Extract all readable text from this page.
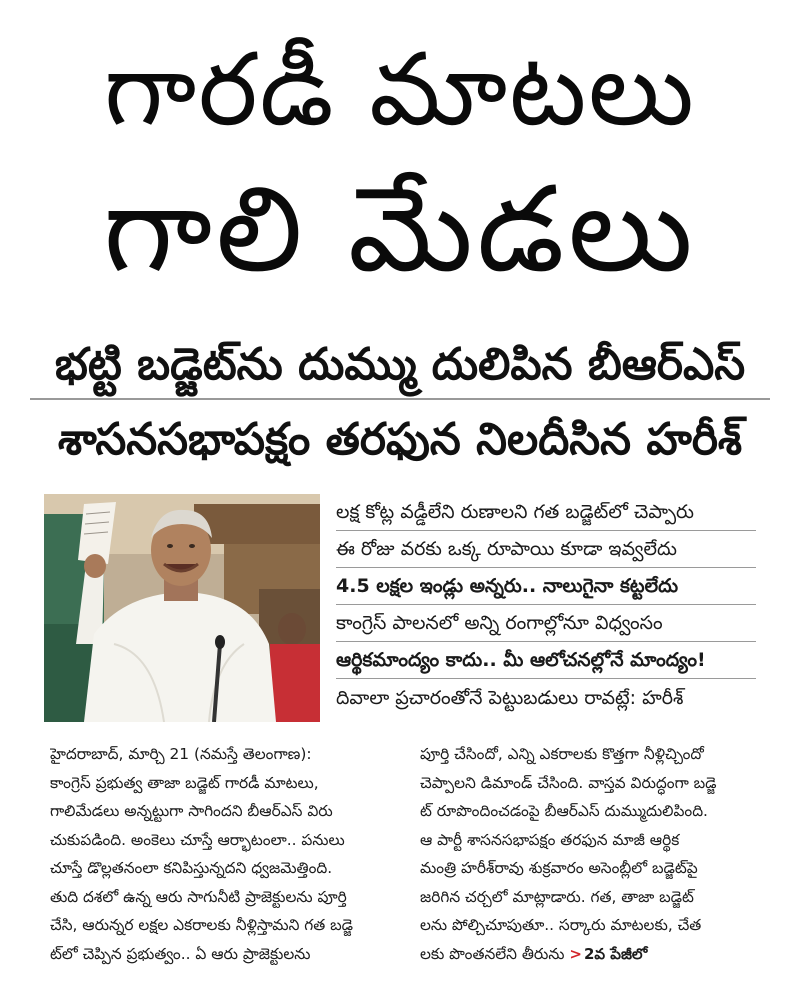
గారడీ మాటలు
గాలి మేడలు
భట్టి బడ్జెట్‌ను దుమ్ము దులిపిన బీఆర్‌ఎస్
శాసనసభాపక్షం తరఫున నిలదీసిన హరీశ్
లక్ష కోట్ల వడ్డీలేని రుణాలని గత బడ్జెట్‌లో చెప్పారు
ఈ రోజు వరకు ఒక్క రూపాయి కూడా ఇవ్వలేదు
4.5 లక్షల ఇండ్లు అన్నరు.. నాలుగైనా కట్టలేదు
కాంగ్రెస్ పాలనలో అన్ని రంగాల్లోనూ విధ్వంసం
ఆర్థికమాంద్యం కాదు.. మీ ఆలోచనల్లోనే మాంద్యం!
దివాలా ప్రచారంతోనే పెట్టుబడులు రావట్లే: హరీశ్
హైదరాబాద్, మార్చి 21 (నమస్తే తెలంగాణ):
కాంగ్రెస్ ప్రభుత్వ తాజా బడ్జెట్ గారడీ మాటలు,
గాలిమేడలు అన్నట్టుగా సాగిందని బీఆర్‌ఎస్ విరు
చుకుపడింది. అంకెలు చూస్తే ఆర్భాటంలా.. పనులు
చూస్తే డొల్లతనంలా కనిపిస్తున్నదని ధ్వజమెత్తింది.
తుది దశలో ఉన్న ఆరు సాగునీటి ప్రాజెక్టులను పూర్తి
చేసి, ఆరున్నర లక్షల ఎకరాలకు నీళ్లిస్తామని గత బడ్జె
ట్‌లో చెప్పిన ప్రభుత్వం.. ఏ ఆరు ప్రాజెక్టులను
పూర్తి చేసిందో, ఎన్ని ఎకరాలకు కొత్తగా నీళ్లిచ్చిందో
చెప్పాలని డిమాండ్ చేసింది. వాస్తవ విరుద్ధంగా బడ్జె
ట్ రూపొందించడంపై బీఆర్‌ఎస్ దుమ్ముదులిపింది.
ఆ పార్టీ శాసనసభాపక్షం తరఫున మాజీ ఆర్థిక
మంత్రి హరీశ్‌రావు శుక్రవారం అసెంబ్లీలో బడ్జెట్‌పై
జరిగిన చర్చలో మాట్లాడారు. గత, తాజా బడ్జెట్
లను పోల్చిచూపుతూ.. సర్కారు మాటలకు, చేత
లకు పొంతనలేని తీరును > 2వ పేజీలో
